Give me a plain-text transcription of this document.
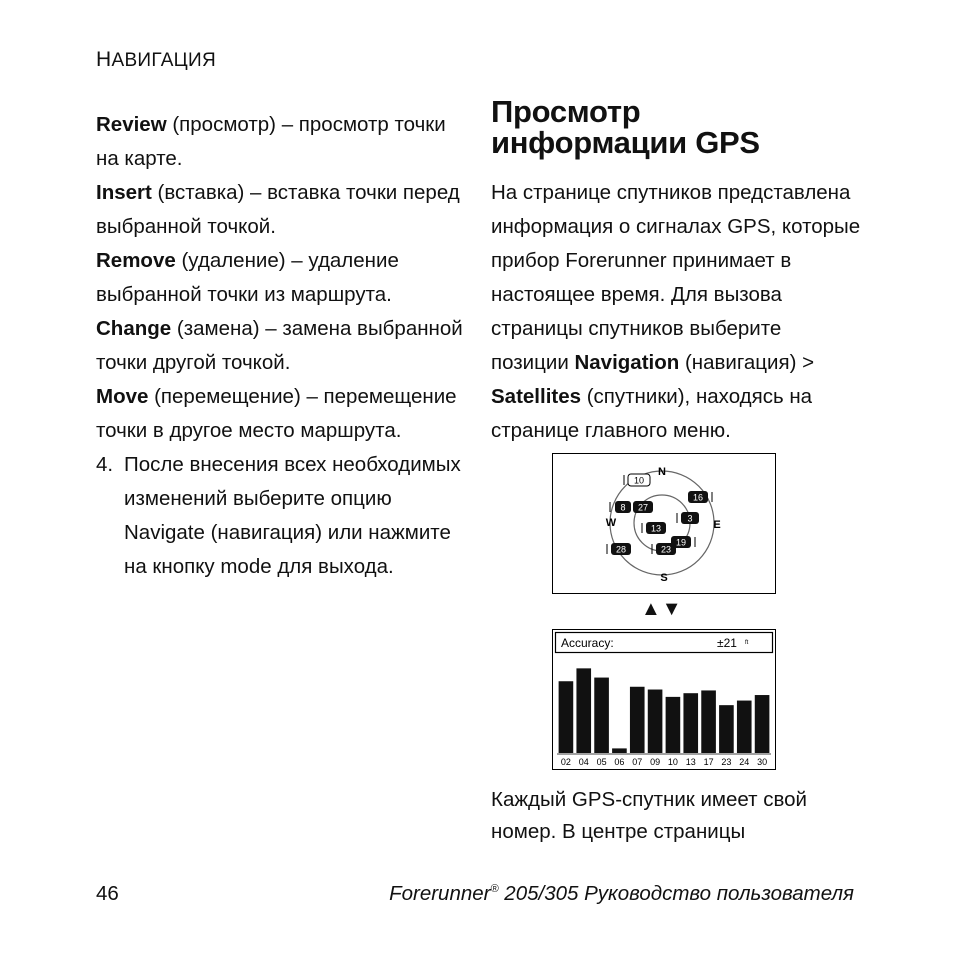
НАВИГАЦИЯ

Review (просмотр) – просмотр точки на карте.

Insert (вставка) – вставка точки перед выбранной точкой.

Remove (удаление) – удаление выбранной точки из маршрута.

Change (замена) – замена выбранной точки другой точкой.

Move (перемещение) – перемещение точки в другое место маршрута.

4. После внесения всех необходимых изменений выберите опцию Navigate (навигация) или нажмите на кнопку mode для выхода.
Просмотр
информации GPS

На странице спутников представлена информация о сигналах GPS, которые прибор Forerunner принимает в настоящее время. Для вызова страницы спутников выберите позиции Navigation (навигация) > Satellites (спутники), находясь на странице главного меню.

N
E
S
W
10
8 27
16
3
13
28	23
19
▲▼
Accuracy:	±21 ft
02 04 05 06 07 09 10 13 17 23 24 30
Каждый GPS-спутник имеет свой номер. В центре страницы
46	Forerunner® 205/305 Руководство пользователя
